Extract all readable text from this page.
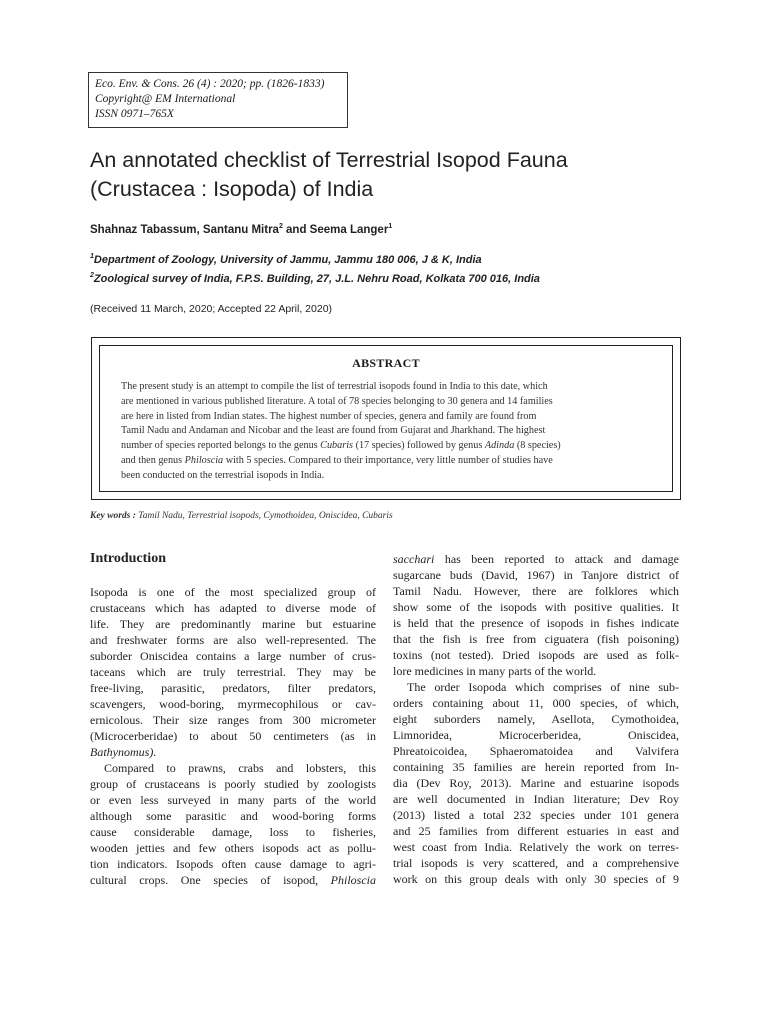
Eco. Env. & Cons. 26 (4) : 2020; pp. (1826-1833)
Copyright@ EM International
ISSN 0971–765X
An annotated checklist of Terrestrial Isopod Fauna
(Crustacea : Isopoda) of India
Shahnaz Tabassum, Santanu Mitra$^2$ and Seema Langer$^1$
$^1$Department of Zoology, University of Jammu, Jammu 180 006, J & K, India
$^2$Zoological survey of India, F.P.S. Building, 27, J.L. Nehru Road, Kolkata 700 016, India
(Received 11 March, 2020; Accepted 22 April, 2020)
ABSTRACT
The present study is an attempt to compile the list of terrestrial isopods found in India to this date, which
are mentioned in various published literature. A total of 78 species belonging to 30 genera and 14 families
are here in listed from Indian states. The highest number of species, genera and family are found from
Tamil Nadu and Andaman and Nicobar and the least are found from Gujarat and Jharkhand. The highest
number of species reported belongs to the genus Cubaris (17 species) followed by genus Adinda (8 species)
and then genus Philoscia with 5 species. Compared to their importance, very little number of studies have
been conducted on the terrestrial isopods in India.
Key words : Tamil Nadu, Terrestrial isopods, Cymothoidea, Oniscidea, Cubaris
Introduction
Isopoda is one of the most specialized group of
crustaceans which has adapted to diverse mode of
life. They are predominantly marine but estuarine
and freshwater forms are also well-represented. The
suborder Oniscidea contains a large number of crus-
taceans which are truly terrestrial. They may be
free-living, parasitic, predators, filter predators,
scavengers, wood-boring, myrmecophilous or cav-
ernicolous. Their size ranges from 300 micrometer
(Microcerberidae) to about 50 centimeters (as in
Bathynomus).
Compared to prawns, crabs and lobsters, this
group of crustaceans is poorly studied by zoologists
or even less surveyed in many parts of the world
although some parasitic and wood-boring forms
cause considerable damage, loss to fisheries,
wooden jetties and few others isopods act as pollu-
tion indicators. Isopods often cause damage to agri-
cultural crops. One species of isopod, Philoscia
sacchari has been reported to attack and damage
sugarcane buds (David, 1967) in Tanjore district of
Tamil Nadu. However, there are folklores which
show some of the isopods with positive qualities. It
is held that the presence of isopods in fishes indicate
that the fish is free from ciguatera (fish poisoning)
toxins (not tested). Dried isopods are used as folk-
lore medicines in many parts of the world.
The order Isopoda which comprises of nine sub-
orders containing about 11, 000 species, of which,
eight suborders namely, Asellota, Cymothoidea,
Limnoridea, Microcerberidea, Oniscidea,
Phreatoicoidea, Sphaeromatoidea and Valvifera
containing 35 families are herein reported from In-
dia (Dev Roy, 2013). Marine and estuarine isopods
are well documented in Indian literature; Dev Roy
(2013) listed a total 232 species under 101 genera
and 25 families from different estuaries in east and
west coast from India. Relatively the work on terres-
trial isopods is very scattered, and a comprehensive
work on this group deals with only 30 species of 9
